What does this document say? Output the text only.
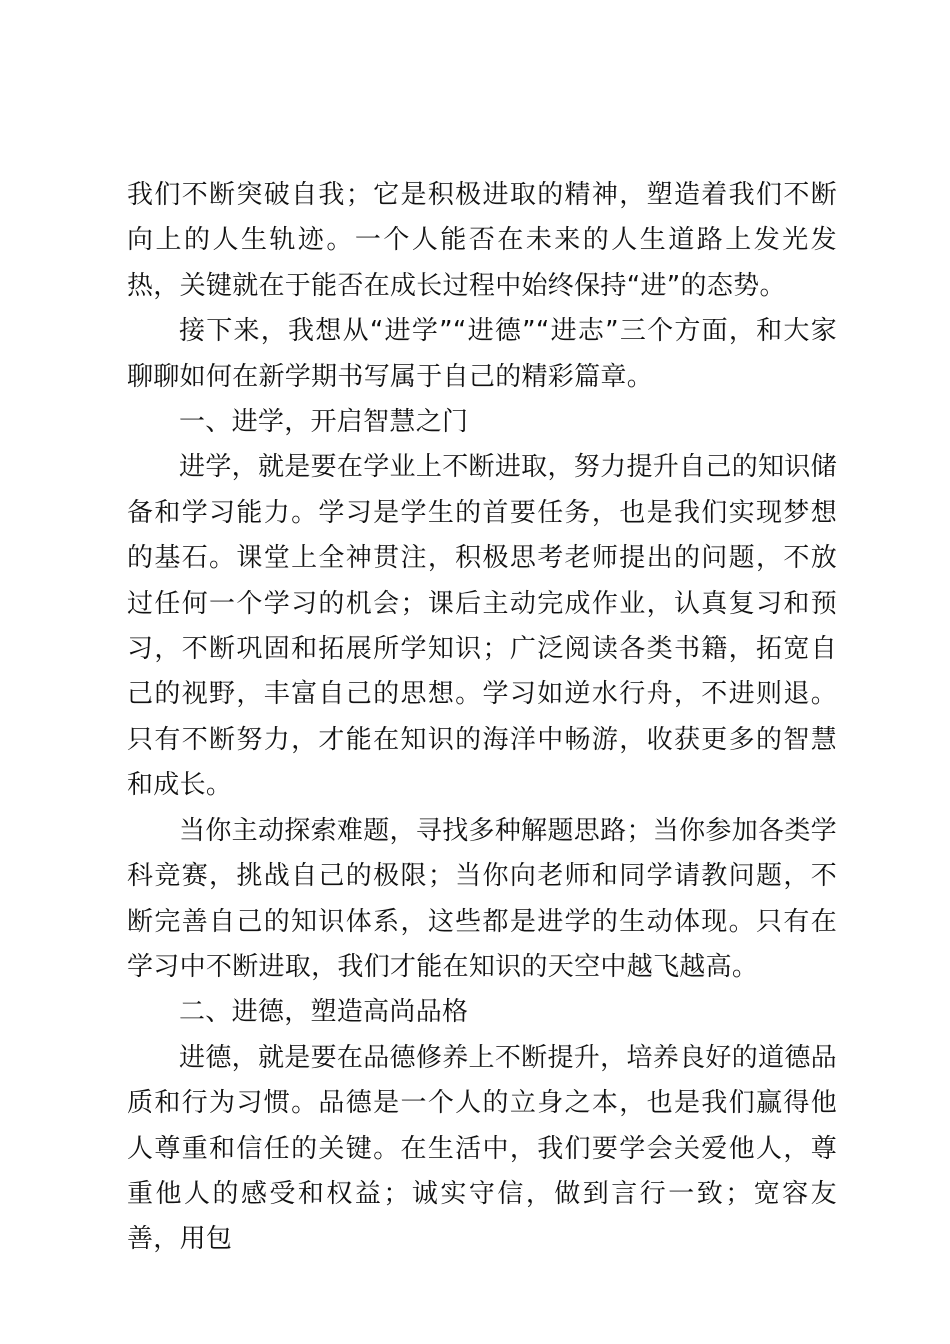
我们不断突破自我；它是积极进取的精神，塑造着我们不断向上的人生轨迹。一个人能否在未来的人生道路上发光发热，关键就在于能否在成长过程中始终保持“进”的态势。

接下来，我想从“进学”“进德”“进志”三个方面，和大家聊聊如何在新学期书写属于自己的精彩篇章。

一、进学，开启智慧之门

进学，就是要在学业上不断进取，努力提升自己的知识储备和学习能力。学习是学生的首要任务，也是我们实现梦想的基石。课堂上全神贯注，积极思考老师提出的问题，不放过任何一个学习的机会；课后主动完成作业，认真复习和预习，不断巩固和拓展所学知识；广泛阅读各类书籍，拓宽自己的视野，丰富自己的思想。学习如逆水行舟，不进则退。只有不断努力，才能在知识的海洋中畅游，收获更多的智慧和成长。

当你主动探索难题，寻找多种解题思路；当你参加各类学科竞赛，挑战自己的极限；当你向老师和同学请教问题，不断完善自己的知识体系，这些都是进学的生动体现。只有在学习中不断进取，我们才能在知识的天空中越飞越高。

二、进德，塑造高尚品格

进德，就是要在品德修养上不断提升，培养良好的道德品质和行为习惯。品德是一个人的立身之本，也是我们赢得他人尊重和信任的关键。在生活中，我们要学会关爱他人，尊重他人的感受和权益；诚实守信，做到言行一致；宽容友善，用包
